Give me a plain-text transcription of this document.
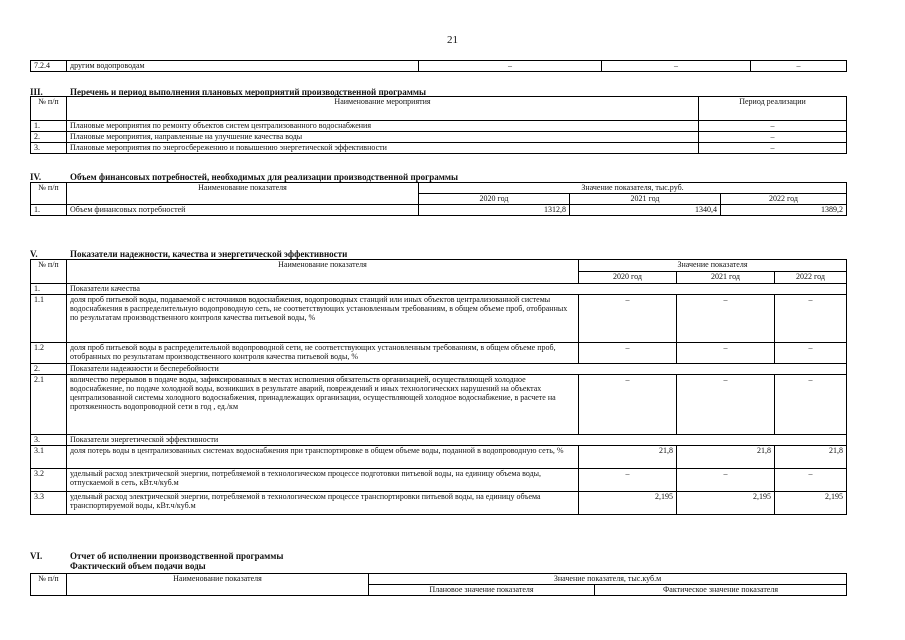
21
7.2.4	другим водопроводам	–	–	–
III.	Перечень и период выполнения плановых мероприятий производственной программы
№ п/п	Наименование мероприятия	Период реализации
1.	Плановые мероприятия по ремонту объектов систем централизованного водоснабжения	–
2.	Плановые мероприятия, направленные на улучшение качества воды	–
3.	Плановые мероприятия по энергосбережению и повышению энергетической эффективности	–
IV.	Объем финансовых потребностей, необходимых для реализации производственной программы
№ п/п	Наименование показателя	Значение показателя, тыс.руб.		
		2020 год	2021 год	2022 год
1.	Объем финансовых потребностей	1312,8	1340,4	1389,2
V.	Показатели надежности, качества и энергетической эффективности
№ п/п	Наименование показателя	Значение показателя		
		2020 год	2021 год	2022 год
1.	Показатели качества			
1.1	доля проб питьевой воды, подаваемой с источников водоснабжения, водопроводных станций или иных объектов централизованной системы водоснабжения в распределительную водопроводную сеть, не соответствующих установленным требованиям, в общем объеме проб, отобранных по результатам производственного контроля качества питьевой воды, %	–	–	–
1.2	доля проб питьевой воды в распределительной водопроводной сети, не соответствующих установленным требованиям, в общем объеме проб, отобранных по результатам производственного контроля качества питьевой воды, %	–	–	–
2.	Показатели надежности и бесперебойности			
2.1	количество перерывов в подаче воды, зафиксированных в местах исполнения обязательств организацией, осуществляющей холодное водоснабжение, по подаче холодной воды, возникших в результате аварий, повреждений и иных технологических нарушений на объектах централизованной системы холодного водоснабжения, принадлежащих организации, осуществляющей холодное водоснабжение, в расчете на протяженность водопроводной сети в год , ед./км	–	–	–
3.	Показатели энергетической эффективности			
3.1	доля потерь воды в централизованных системах водоснабжения при транспортировке в общем объеме воды, поданной в водопроводную сеть, %	21,8	21,8	21,8
3.2	удельный расход электрической энергии, потребляемой в технологическом процессе подготовки питьевой воды, на единицу объема воды, отпускаемой в сеть, кВт.ч/куб.м	–	–	–
3.3	удельный расход электрической энергии, потребляемой в технологическом процессе транспортировки питьевой воды, на единицу объема транспортируемой воды, кВт.ч/куб.м	2,195	2,195	2,195
VI.	Отчет об исполнении производственной программы
Фактический объем подачи воды
№ п/п	Наименование показателя	Значение показателя, тыс.куб.м	
		Плановое значение показателя	Фактическое значение показателя
